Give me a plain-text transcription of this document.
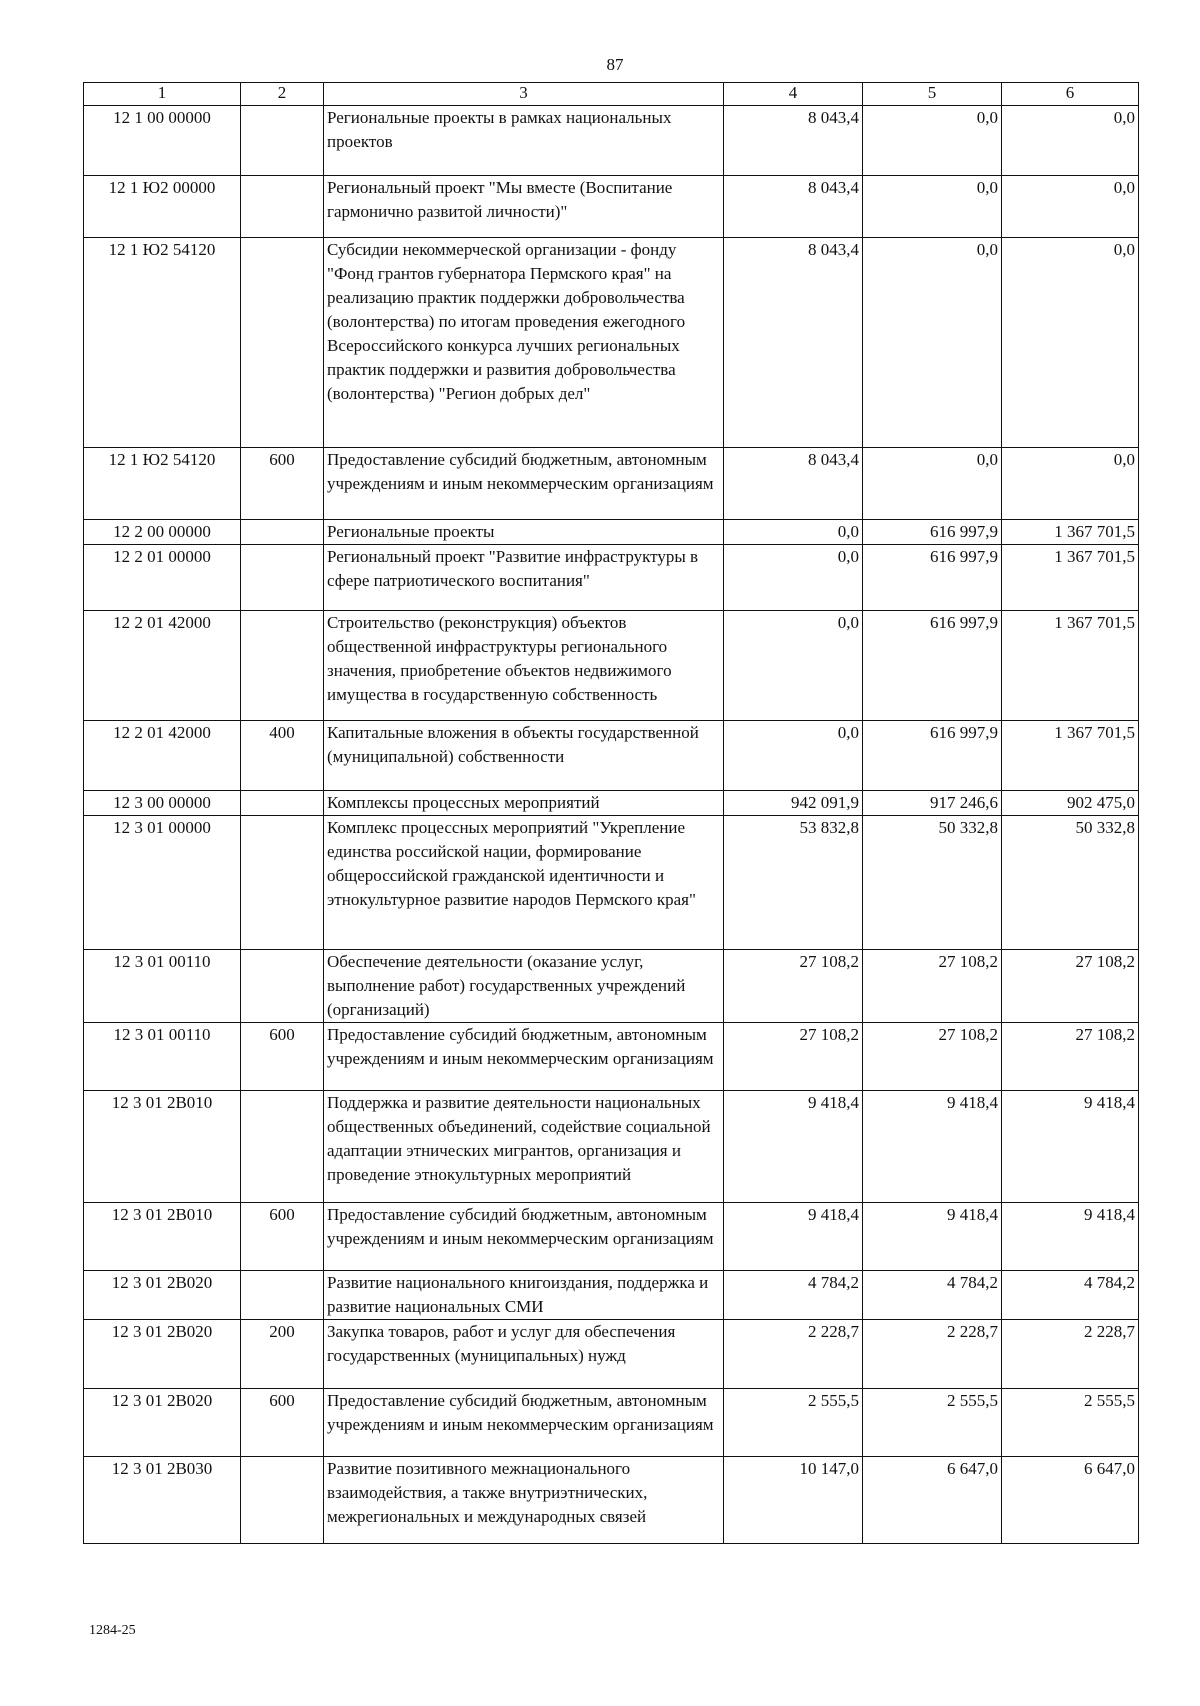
87
1	2	3	4	5	6
12 1 00 00000		Региональные проекты в рамках национальных проектов	8 043,4	0,0	0,0
12 1 Ю2 00000		Региональный проект "Мы вместе (Воспитание гармонично развитой личности)"	8 043,4	0,0	0,0
12 1 Ю2 54120		Субсидии некоммерческой организации - фонду "Фонд грантов губернатора Пермского края" на реализацию практик поддержки добровольчества (волонтерства) по итогам проведения ежегодного Всероссийского конкурса лучших региональных практик поддержки и развития добровольчества (волонтерства) "Регион добрых дел"	8 043,4	0,0	0,0
12 1 Ю2 54120	600	Предоставление субсидий бюджетным, автономным учреждениям и иным некоммерческим организациям	8 043,4	0,0	0,0
12 2 00 00000		Региональные проекты	0,0	616 997,9	1 367 701,5
12 2 01 00000		Региональный проект "Развитие инфраструктуры в сфере патриотического воспитания"	0,0	616 997,9	1 367 701,5
12 2 01 42000		Строительство (реконструкция) объектов общественной инфраструктуры регионального значения, приобретение объектов недвижимого имущества в государственную собственность	0,0	616 997,9	1 367 701,5
12 2 01 42000	400	Капитальные вложения в объекты государственной (муниципальной) собственности	0,0	616 997,9	1 367 701,5
12 3 00 00000		Комплексы процессных мероприятий	942 091,9	917 246,6	902 475,0
12 3 01 00000		Комплекс процессных мероприятий "Укрепление единства российской нации, формирование общероссийской гражданской идентичности и этнокультурное развитие народов Пермского края"	53 832,8	50 332,8	50 332,8
12 3 01 00110		Обеспечение деятельности (оказание услуг, выполнение работ) государственных учреждений (организаций)	27 108,2	27 108,2	27 108,2
12 3 01 00110	600	Предоставление субсидий бюджетным, автономным учреждениям и иным некоммерческим организациям	27 108,2	27 108,2	27 108,2
12 3 01 2В010		Поддержка и развитие деятельности национальных общественных объединений, содействие социальной адаптации этнических мигрантов, организация и проведение этнокультурных мероприятий	9 418,4	9 418,4	9 418,4
12 3 01 2В010	600	Предоставление субсидий бюджетным, автономным учреждениям и иным некоммерческим организациям	9 418,4	9 418,4	9 418,4
12 3 01 2В020		Развитие национального книгоиздания, поддержка и развитие национальных СМИ	4 784,2	4 784,2	4 784,2
12 3 01 2В020	200	Закупка товаров, работ и услуг для обеспечения государственных (муниципальных) нужд	2 228,7	2 228,7	2 228,7
12 3 01 2В020	600	Предоставление субсидий бюджетным, автономным учреждениям и иным некоммерческим организациям	2 555,5	2 555,5	2 555,5
12 3 01 2В030		Развитие позитивного межнационального взаимодействия, а также внутриэтнических, межрегиональных и международных связей	10 147,0	6 647,0	6 647,0
1284-25
